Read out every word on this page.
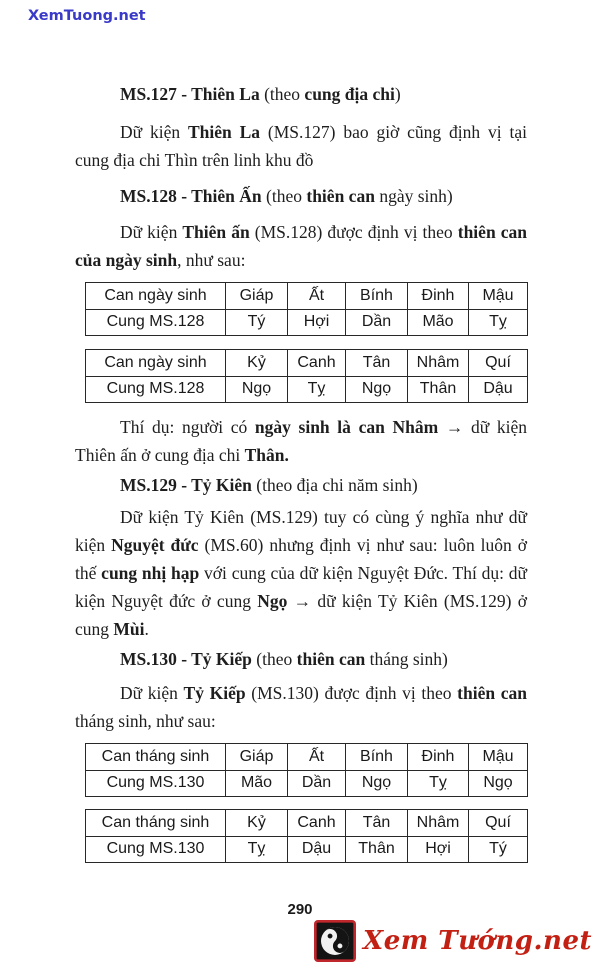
XemTuong.net

MS.127 - Thiên La (theo cung địa chi)

Dữ kiện Thiên La (MS.127) bao giờ cũng định vị tại cung địa chi Thìn trên linh khu đồ

MS.128 - Thiên Ấn (theo thiên can ngày sinh)

Dữ kiện Thiên ấn (MS.128) được định vị theo thiên can của ngày sinh, như sau:

Can ngày sinh	Giáp	Ất	Bính	Đinh	Mậu
Cung MS.128	Tý	Hợi	Dần	Mão	Tỵ
Can ngày sinh	Kỷ	Canh	Tân	Nhâm	Quí
Cung MS.128	Ngọ	Tỵ	Ngọ	Thân	Dậu

Thí dụ: người có ngày sinh là can Nhâm → dữ kiện Thiên ấn ở cung địa chi Thân.

MS.129 - Tỷ Kiên (theo địa chi năm sinh)

Dữ kiện Tỷ Kiên (MS.129) tuy có cùng ý nghĩa như dữ kiện Nguyệt đức (MS.60) nhưng định vị như sau: luôn luôn ở thế cung nhị hạp với cung của dữ kiện Nguyệt Đức. Thí dụ: dữ kiện Nguyệt đức ở cung Ngọ → dữ kiện Tỷ Kiên (MS.129) ở cung Mùi.

MS.130 - Tỷ Kiếp (theo thiên can tháng sinh)

Dữ kiện Tỷ Kiếp (MS.130) được định vị theo thiên can tháng sinh, như sau:

Can tháng sinh	Giáp	Ất	Bính	Đinh	Mậu
Cung MS.130	Mão	Dần	Ngọ	Tỵ	Ngọ
Can tháng sinh	Kỷ	Canh	Tân	Nhâm	Quí
Cung MS.130	Tỵ	Dậu	Thân	Hợi	Tý
290
Xem Tướng.net
